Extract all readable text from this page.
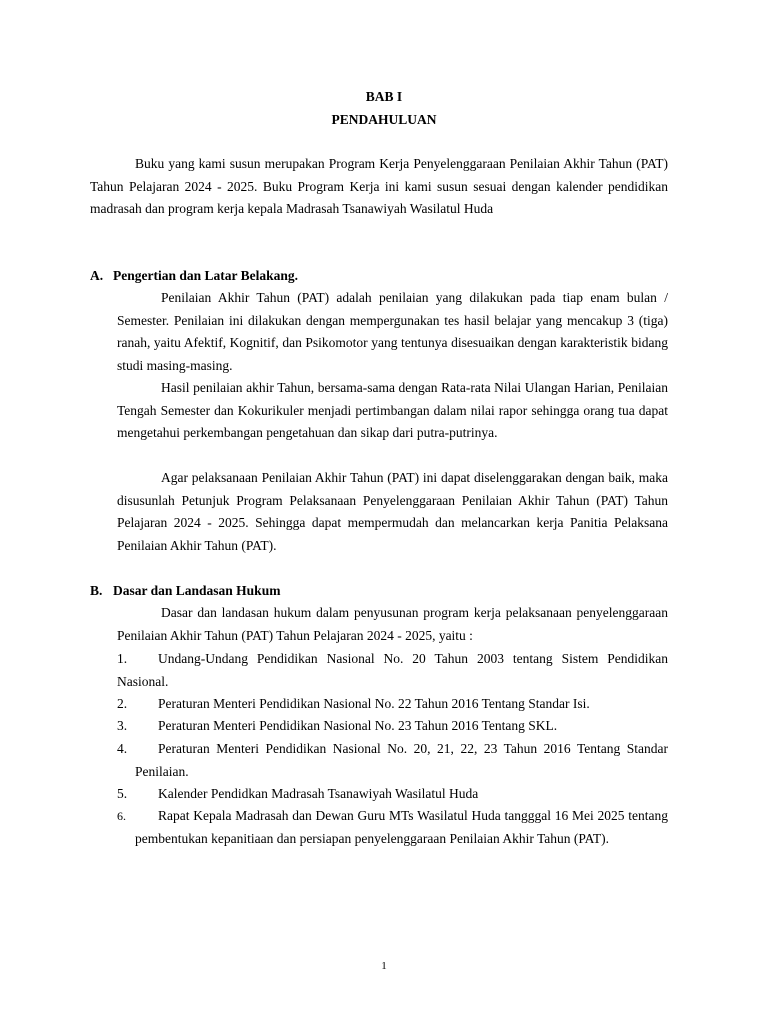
BAB I
PENDAHULUAN
Buku yang kami susun merupakan Program Kerja Penyelenggaraan Penilaian Akhir Tahun (PAT) Tahun Pelajaran 2024 - 2025. Buku Program Kerja ini kami susun sesuai dengan kalender pendidikan madrasah dan program kerja kepala Madrasah Tsanawiyah Wasilatul Huda
A. Pengertian dan Latar Belakang.
Penilaian Akhir Tahun (PAT) adalah penilaian yang dilakukan pada tiap enam bulan / Semester. Penilaian ini dilakukan dengan mempergunakan tes hasil belajar yang mencakup 3 (tiga) ranah, yaitu Afektif, Kognitif, dan Psikomotor yang tentunya disesuaikan dengan karakteristik bidang studi masing-masing.
Hasil penilaian akhir Tahun, bersama-sama dengan Rata-rata Nilai Ulangan Harian, Penilaian Tengah Semester dan Kokurikuler menjadi pertimbangan dalam nilai rapor sehingga orang tua dapat mengetahui perkembangan pengetahuan dan sikap dari putra-putrinya.
Agar pelaksanaan Penilaian Akhir Tahun (PAT) ini dapat diselenggarakan dengan baik, maka disusunlah Petunjuk Program Pelaksanaan Penyelenggaraan Penilaian Akhir Tahun (PAT) Tahun Pelajaran 2024 - 2025. Sehingga dapat mempermudah dan melancarkan kerja Panitia Pelaksana Penilaian Akhir Tahun (PAT).
B. Dasar dan Landasan Hukum
Dasar dan landasan hukum dalam penyusunan program kerja pelaksanaan penyelenggaraan Penilaian Akhir Tahun (PAT) Tahun Pelajaran 2024 - 2025, yaitu :
1.	Undang-Undang Pendidikan Nasional No. 20 Tahun 2003 tentang Sistem Pendidikan Nasional.
2.	Peraturan Menteri Pendidikan Nasional No. 22 Tahun 2016 Tentang Standar Isi.
3.	Peraturan Menteri Pendidikan Nasional No. 23 Tahun 2016 Tentang SKL.
4.	Peraturan Menteri Pendidikan Nasional No. 20, 21, 22, 23 Tahun 2016 Tentang Standar Penilaian.
5.	Kalender Pendidkan Madrasah Tsanawiyah Wasilatul Huda
6.	Rapat Kepala Madrasah dan Dewan Guru MTs Wasilatul Huda tangggal 16 Mei 2025 tentang pembentukan kepanitiaan dan persiapan penyelenggaraan Penilaian Akhir Tahun (PAT).
1
